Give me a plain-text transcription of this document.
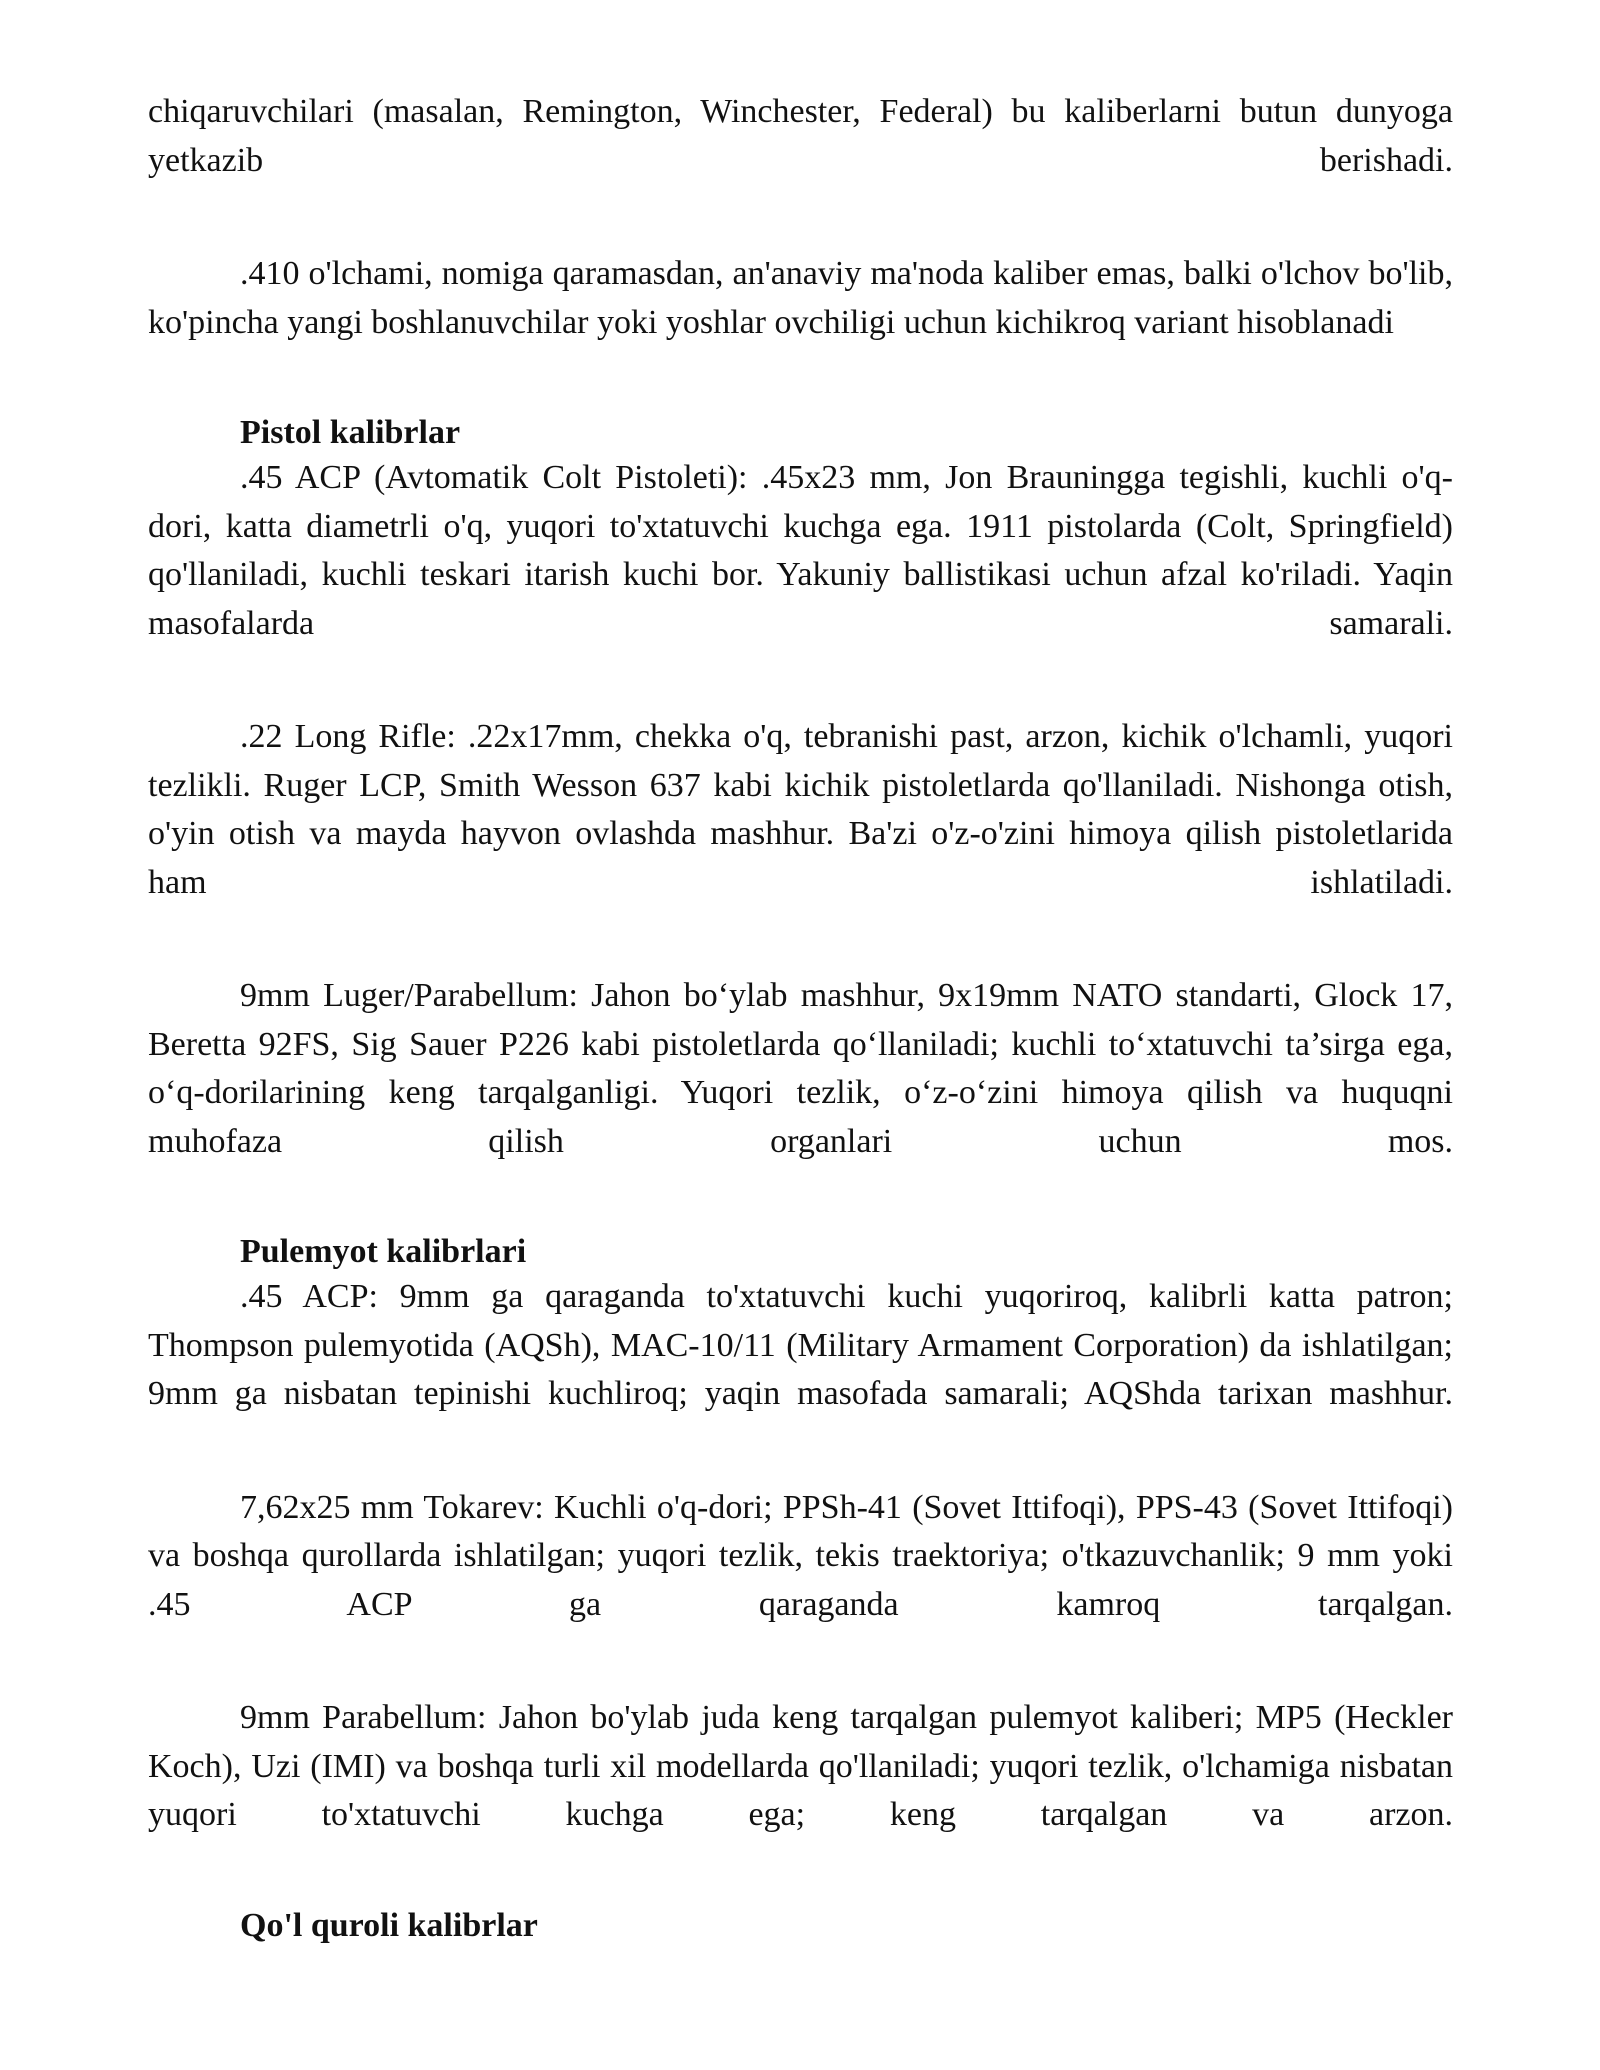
chiqaruvchilari (masalan, Remington, Winchester, Federal) bu kaliberlarni butun dunyoga yetkazib berishadi.

.410 o'lchami, nomiga qaramasdan, an'anaviy ma'noda kaliber emas, balki o'lchov bo'lib, ko'pincha yangi boshlanuvchilar yoki yoshlar ovchiligi uchun kichikroq variant hisoblanadi

Pistol kalibrlar

.45 ACP (Avtomatik Colt Pistoleti): .45x23 mm, Jon Brauningga tegishli, kuchli o'q-dori, katta diametrli o'q, yuqori to'xtatuvchi kuchga ega. 1911 pistolarda (Colt, Springfield) qo'llaniladi, kuchli teskari itarish kuchi bor. Yakuniy ballistikasi uchun afzal ko'riladi. Yaqin masofalarda samarali.

.22 Long Rifle: .22x17mm, chekka o'q, tebranishi past, arzon, kichik o'lchamli, yuqori tezlikli. Ruger LCP, Smith Wesson 637 kabi kichik pistoletlarda qo'llaniladi. Nishonga otish, o'yin otish va mayda hayvon ovlashda mashhur. Ba'zi o'z-o'zini himoya qilish pistoletlarida ham ishlatiladi.

9mm Luger/Parabellum: Jahon bo‘ylab mashhur, 9x19mm NATO standarti, Glock 17, Beretta 92FS, Sig Sauer P226 kabi pistoletlarda qo‘llaniladi; kuchli to‘xtatuvchi ta’sirga ega, o‘q-dorilarining keng tarqalganligi. Yuqori tezlik, o‘z-o‘zini himoya qilish va huquqni muhofaza qilish organlari uchun mos.

Pulemyot kalibrlari

.45 ACP: 9mm ga qaraganda to'xtatuvchi kuchi yuqoriroq, kalibrli katta patron; Thompson pulemyotida (AQSh), MAC-10/11 (Military Armament Corporation) da ishlatilgan; 9mm ga nisbatan tepinishi kuchliroq; yaqin masofada samarali; AQShda tarixan mashhur.

7,62x25 mm Tokarev: Kuchli o'q-dori; PPSh-41 (Sovet Ittifoqi), PPS-43 (Sovet Ittifoqi) va boshqa qurollarda ishlatilgan; yuqori tezlik, tekis traektoriya; o'tkazuvchanlik; 9 mm yoki .45 ACP ga qaraganda kamroq tarqalgan.

9mm Parabellum: Jahon bo'ylab juda keng tarqalgan pulemyot kaliberi; MP5 (Heckler Koch), Uzi (IMI) va boshqa turli xil modellarda qo'llaniladi; yuqori tezlik, o'lchamiga nisbatan yuqori to'xtatuvchi kuchga ega; keng tarqalgan va arzon.

Qo'l quroli kalibrlar
